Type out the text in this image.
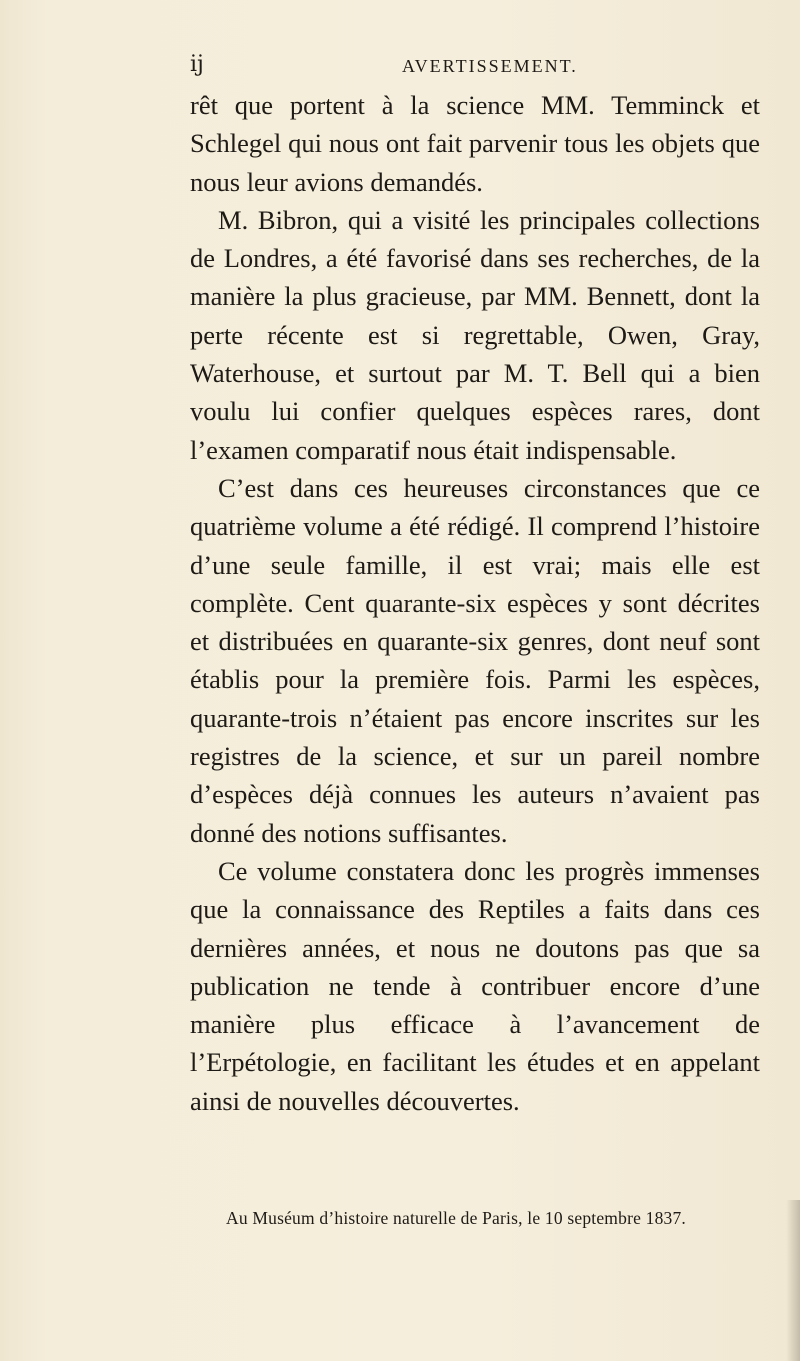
ij	AVERTISSEMENT.

rêt que portent à la science MM. Temminck et Schlegel qui nous ont fait parvenir tous les objets que nous leur avions demandés.

M. Bibron, qui a visité les principales collections de Londres, a été favorisé dans ses recherches, de la manière la plus gracieuse, par MM. Bennett, dont la perte récente est si regrettable, Owen, Gray, Waterhouse, et surtout par M. T. Bell qui a bien voulu lui confier quelques espèces rares, dont l’examen comparatif nous était indispensable.

C’est dans ces heureuses circonstances que ce quatrième volume a été rédigé. Il comprend l’histoire d’une seule famille, il est vrai; mais elle est complète. Cent quarante-six espèces y sont décrites et distribuées en quarante-six genres, dont neuf sont établis pour la première fois. Parmi les espèces, quarante-trois n’étaient pas encore inscrites sur les registres de la science, et sur un pareil nombre d’espèces déjà connues les auteurs n’avaient pas donné des notions suffisantes.

Ce volume constatera donc les progrès immenses que la connaissance des Reptiles a faits dans ces dernières années, et nous ne doutons pas que sa publication ne tende à contribuer encore d’une manière plus efficace à l’avancement de l’Erpétologie, en facilitant les études et en appelant ainsi de nouvelles découvertes.

Au Muséum d’histoire naturelle de Paris, le 10 septembre 1837.
